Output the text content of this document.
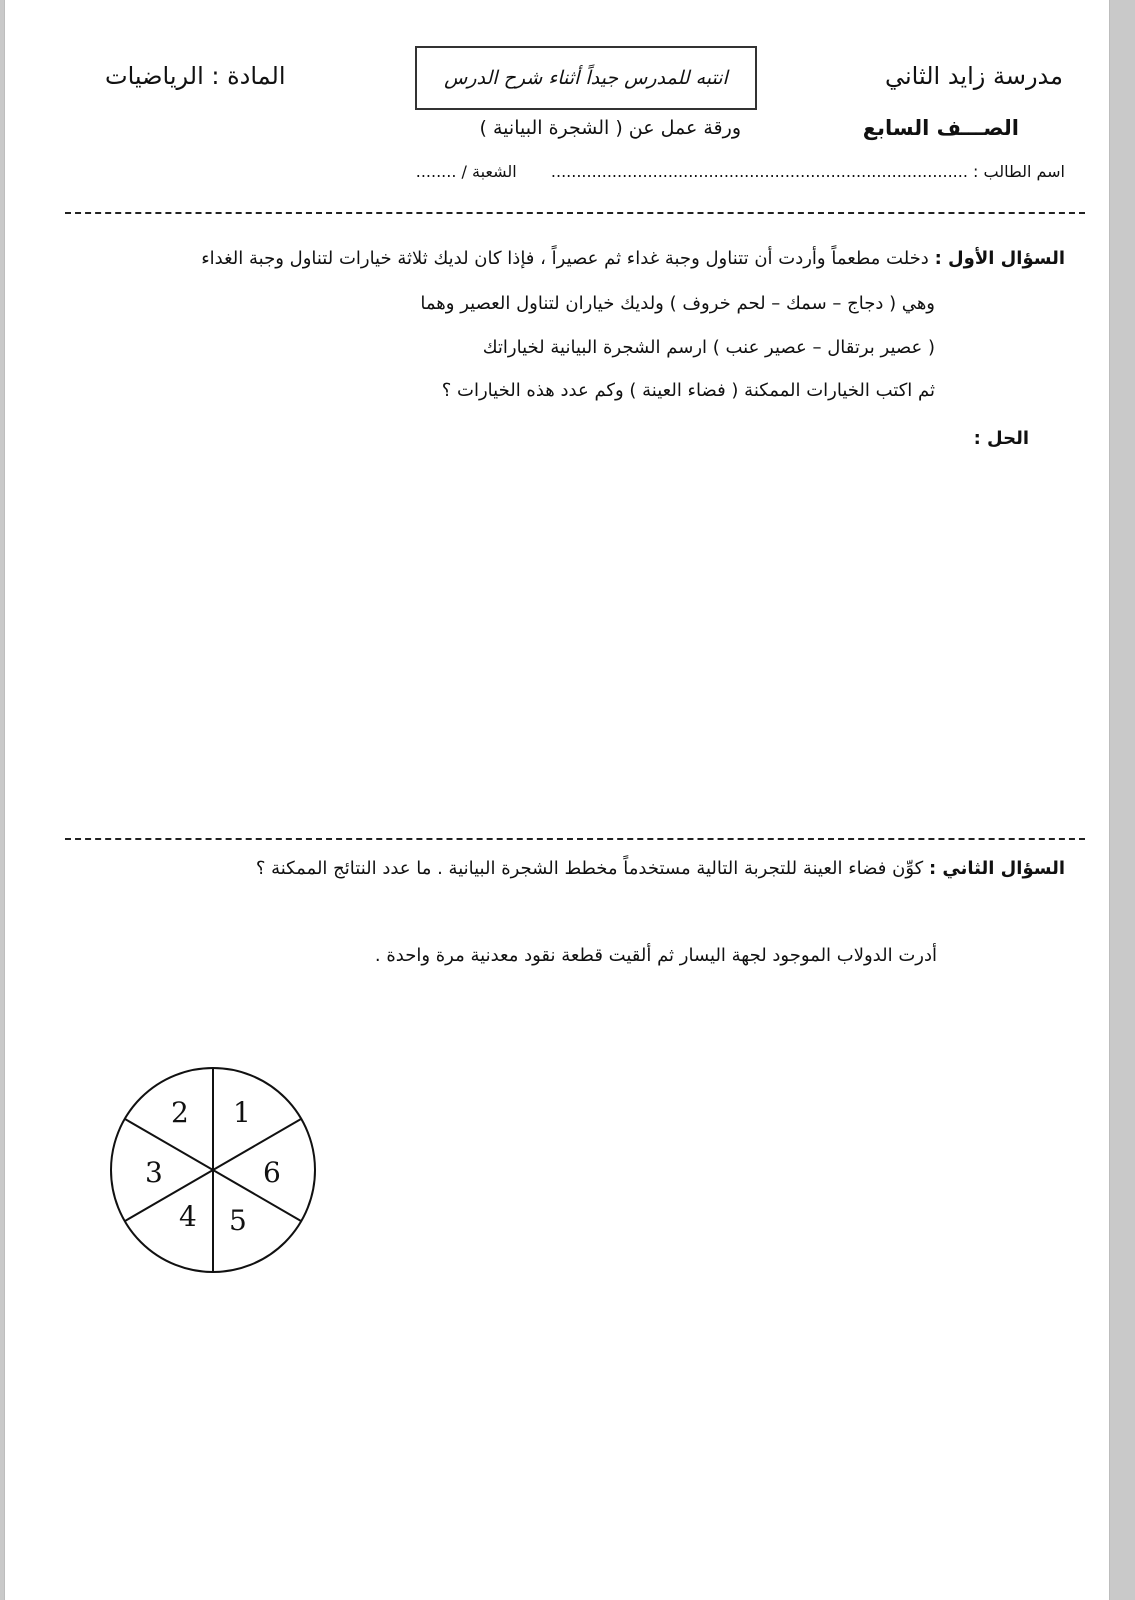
مدرسة زايد الثاني
انتبه للمدرس جيداً أثناء شرح الدرس
المادة : الرياضيات
الصـــف السابع
ورقة عمل عن ( الشجرة البيانية )
اسم الطالب : ..................................................................................  الشعبة / ........
السؤال الأول : دخلت مطعماً وأردت أن تتناول وجبة غداء ثم عصيراً ، فإذا كان لديك ثلاثة خيارات لتناول وجبة الغداء
وهي ( دجاج – سمك – لحم خروف ) ولديك خياران لتناول العصير وهما
( عصير برتقال – عصير عنب ) ارسم الشجرة البيانية لخياراتك
ثم اكتب الخيارات الممكنة ( فضاء العينة ) وكم عدد هذه الخيارات ؟
الحل :
السؤال الثاني : كوِّن فضاء العينة للتجربة التالية مستخدماً مخطط الشجرة البيانية . ما عدد النتائج الممكنة ؟
أدرت الدولاب الموجود لجهة اليسار ثم ألقيت قطعة نقود معدنية مرة واحدة .
1
2
3
4 5
6
